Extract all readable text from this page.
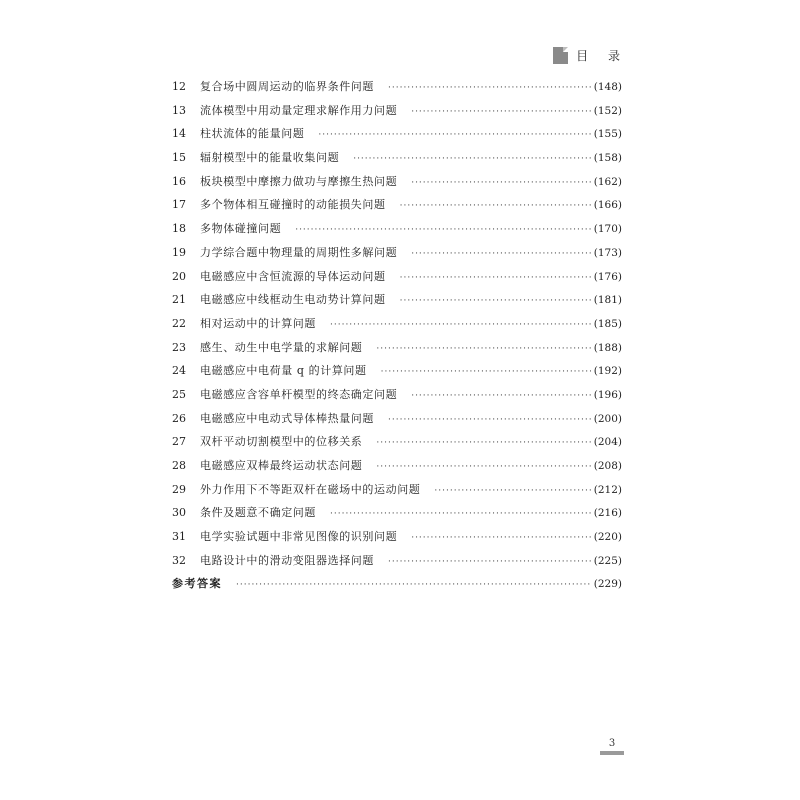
目 录
12	复合场中圆周运动的临界条件问题 ·····	(148)
13	流体模型中用动量定理求解作用力问题 ·····	(152)
14	柱状流体的能量问题 ·····	(155)
15	辐射模型中的能量收集问题 ·····	(158)
16	板块模型中摩擦力做功与摩擦生热问题 ·····	(162)
17	多个物体相互碰撞时的动能损失问题 ·····	(166)
18	多物体碰撞问题 ·····	(170)
19	力学综合题中物理量的周期性多解问题 ·····	(173)
20	电磁感应中含恒流源的导体运动问题 ·····	(176)
21	电磁感应中线框动生电动势计算问题 ·····	(181)
22	相对运动中的计算问题 ·····	(185)
23	感生、动生中电学量的求解问题 ·····	(188)
24	电磁感应中电荷量 q 的计算问题 ·····	(192)
25	电磁感应含容单杆模型的终态确定问题 ·····	(196)
26	电磁感应中电动式导体棒热量问题 ·····	(200)
27	双杆平动切割模型中的位移关系 ·····	(204)
28	电磁感应双棒最终运动状态问题 ·····	(208)
29	外力作用下不等距双杆在磁场中的运动问题 ·····	(212)
30	条件及题意不确定问题 ·····	(216)
31	电学实验试题中非常见图像的识别问题 ·····	(220)
32	电路设计中的滑动变阻器选择问题 ·····	(225)
参考答案 ·····	(229)
3
